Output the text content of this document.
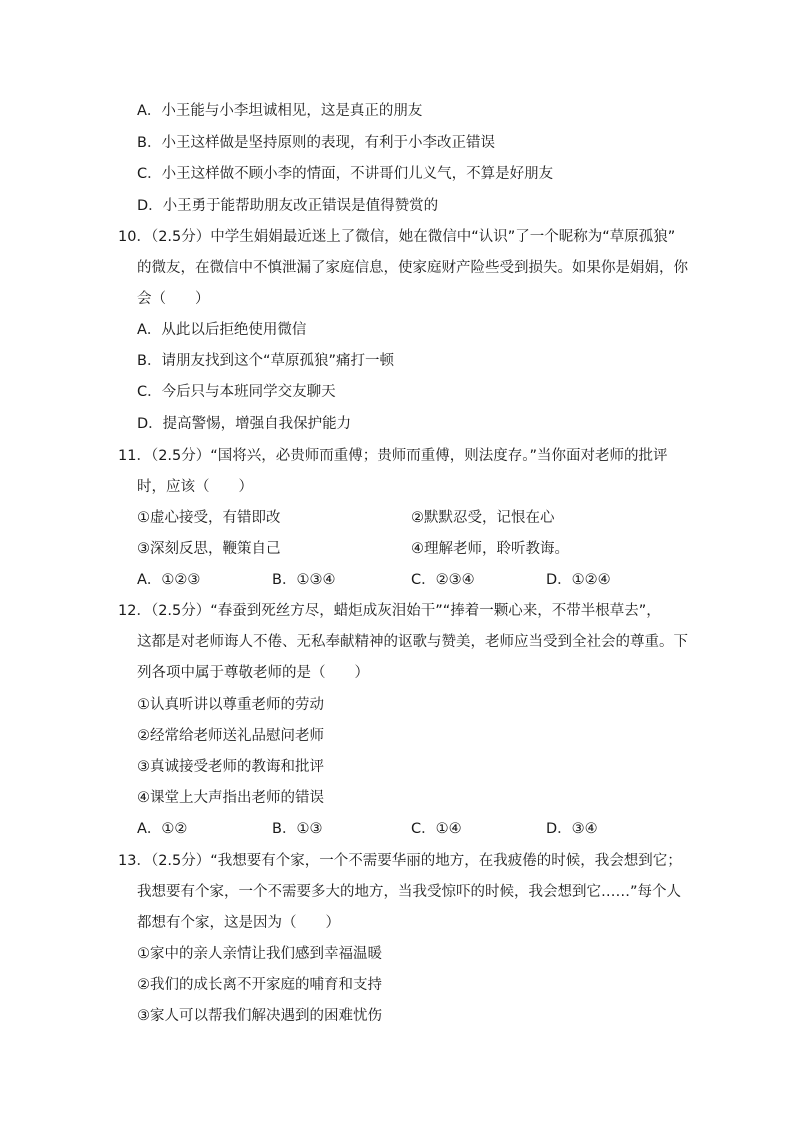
A．小王能与小李坦诚相见，这是真正的朋友
B．小王这样做是坚持原则的表现，有利于小李改正错误
C．小王这样做不顾小李的情面，不讲哥们儿义气，不算是好朋友
D．小王勇于能帮助朋友改正错误是值得赞赏的
10．（2.5分）中学生娟娟最近迷上了微信，她在微信中“认识”了一个昵称为“草原孤狼”
的微友，在微信中不慎泄漏了家庭信息，使家庭财产险些受到损失。如果你是娟娟，你
会（　　）
A．从此以后拒绝使用微信
B．请朋友找到这个“草原孤狼”痛打一顿
C．今后只与本班同学交友聊天
D．提高警惕，增强自我保护能力
11．（2.5分）“国将兴，必贵师而重傅；贵师而重傅，则法度存。”当你面对老师的批评
时，应该（　　）
①虚心接受，有错即改	②默默忍受，记恨在心
③深刻反思，鞭策自己	④理解老师，聆听教诲。
A．①②③	B．①③④	C．②③④	D．①②④
12．（2.5分）“春蚕到死丝方尽，蜡炬成灰泪始干”“捧着一颗心来，不带半根草去”，
这都是对老师诲人不倦、无私奉献精神的讴歌与赞美，老师应当受到全社会的尊重。下
列各项中属于尊敬老师的是（　　）
①认真听讲以尊重老师的劳动
②经常给老师送礼品慰问老师
③真诚接受老师的教诲和批评
④课堂上大声指出老师的错误
A．①②	B．①③	C．①④	D．③④
13．（2.5分）“我想要有个家，一个不需要华丽的地方，在我疲倦的时候，我会想到它；
我想要有个家，一个不需要多大的地方，当我受惊吓的时候，我会想到它……”每个人
都想有个家，这是因为（　　）
①家中的亲人亲情让我们感到幸福温暖
②我们的成长离不开家庭的哺育和支持
③家人可以帮我们解决遇到的困难忧伤
